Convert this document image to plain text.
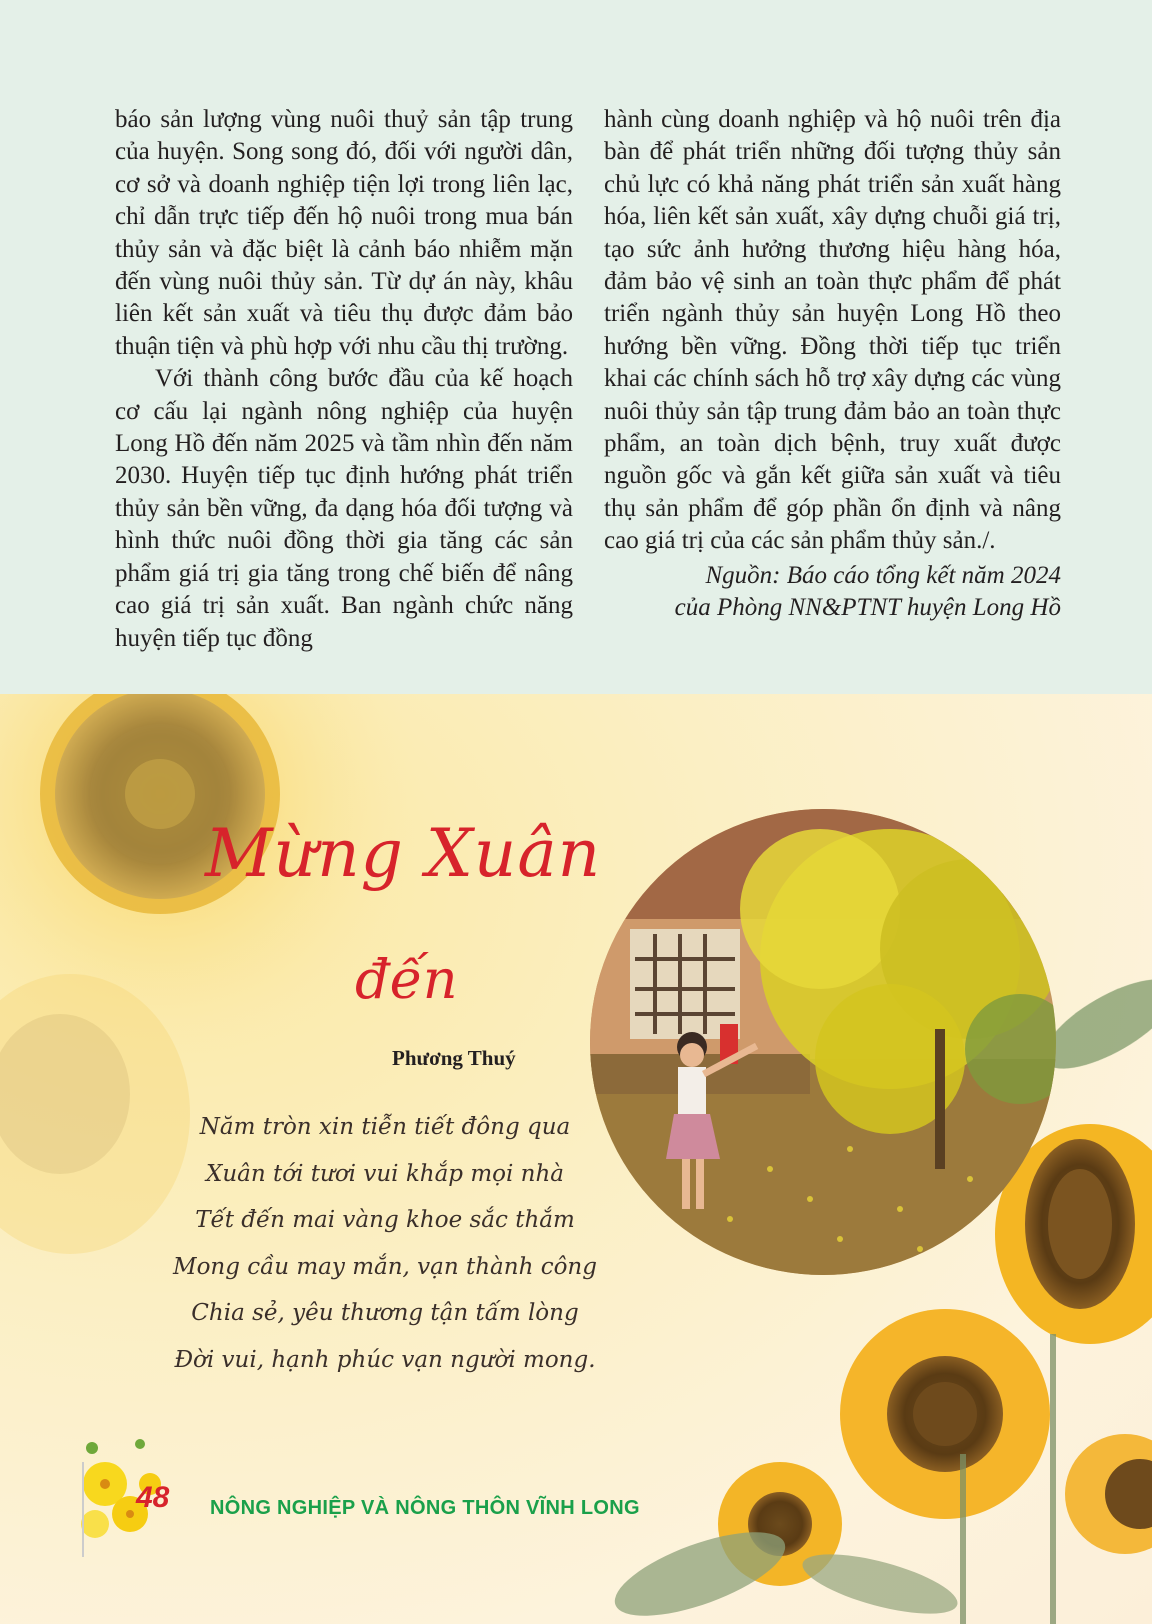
báo sản lượng vùng nuôi thuỷ sản tập trung của huyện. Song song đó, đối với người dân, cơ sở và doanh nghiệp tiện lợi trong liên lạc, chỉ dẫn trực tiếp đến hộ nuôi trong mua bán thủy sản và đặc biệt là cảnh báo nhiễm mặn đến vùng nuôi thủy sản. Từ dự án này, khâu liên kết sản xuất và tiêu thụ được đảm bảo thuận tiện và phù hợp với nhu cầu thị trường.

Với thành công bước đầu của kế hoạch cơ cấu lại ngành nông nghiệp của huyện Long Hồ đến năm 2025 và tầm nhìn đến năm 2030. Huyện tiếp tục định hướng phát triển thủy sản bền vững, đa dạng hóa đối tượng và hình thức nuôi đồng thời gia tăng các sản phẩm giá trị gia tăng trong chế biến để nâng cao giá trị sản xuất. Ban ngành chức năng huyện tiếp tục đồng

hành cùng doanh nghiệp và hộ nuôi trên địa bàn để phát triển những đối tượng thủy sản chủ lực có khả năng phát triển sản xuất hàng hóa, liên kết sản xuất, xây dựng chuỗi giá trị, tạo sức ảnh hưởng thương hiệu hàng hóa, đảm bảo vệ sinh an toàn thực phẩm để phát triển ngành thủy sản huyện Long Hồ theo hướng bền vững. Đồng thời tiếp tục triển khai các chính sách hỗ trợ xây dựng các vùng nuôi thủy sản tập trung đảm bảo an toàn thực phẩm, an toàn dịch bệnh, truy xuất được nguồn gốc và gắn kết giữa sản xuất và tiêu thụ sản phẩm để góp phần ổn định và nâng cao giá trị của các sản phẩm thủy sản./.

Nguồn: Báo cáo tổng kết năm 2024
của Phòng NN&PTNT huyện Long Hồ

Mừng Xuân
đến
Phương Thuý
Năm tròn xin tiễn tiết đông qua
Xuân tới tươi vui khắp mọi nhà
Tết đến mai vàng khoe sắc thắm
Mong cầu may mắn, vạn thành công
Chia sẻ, yêu thương tận tấm lòng
Đời vui, hạnh phúc vạn người mong.
48 NÔNG NGHIỆP VÀ NÔNG THÔN VĨNH LONG
